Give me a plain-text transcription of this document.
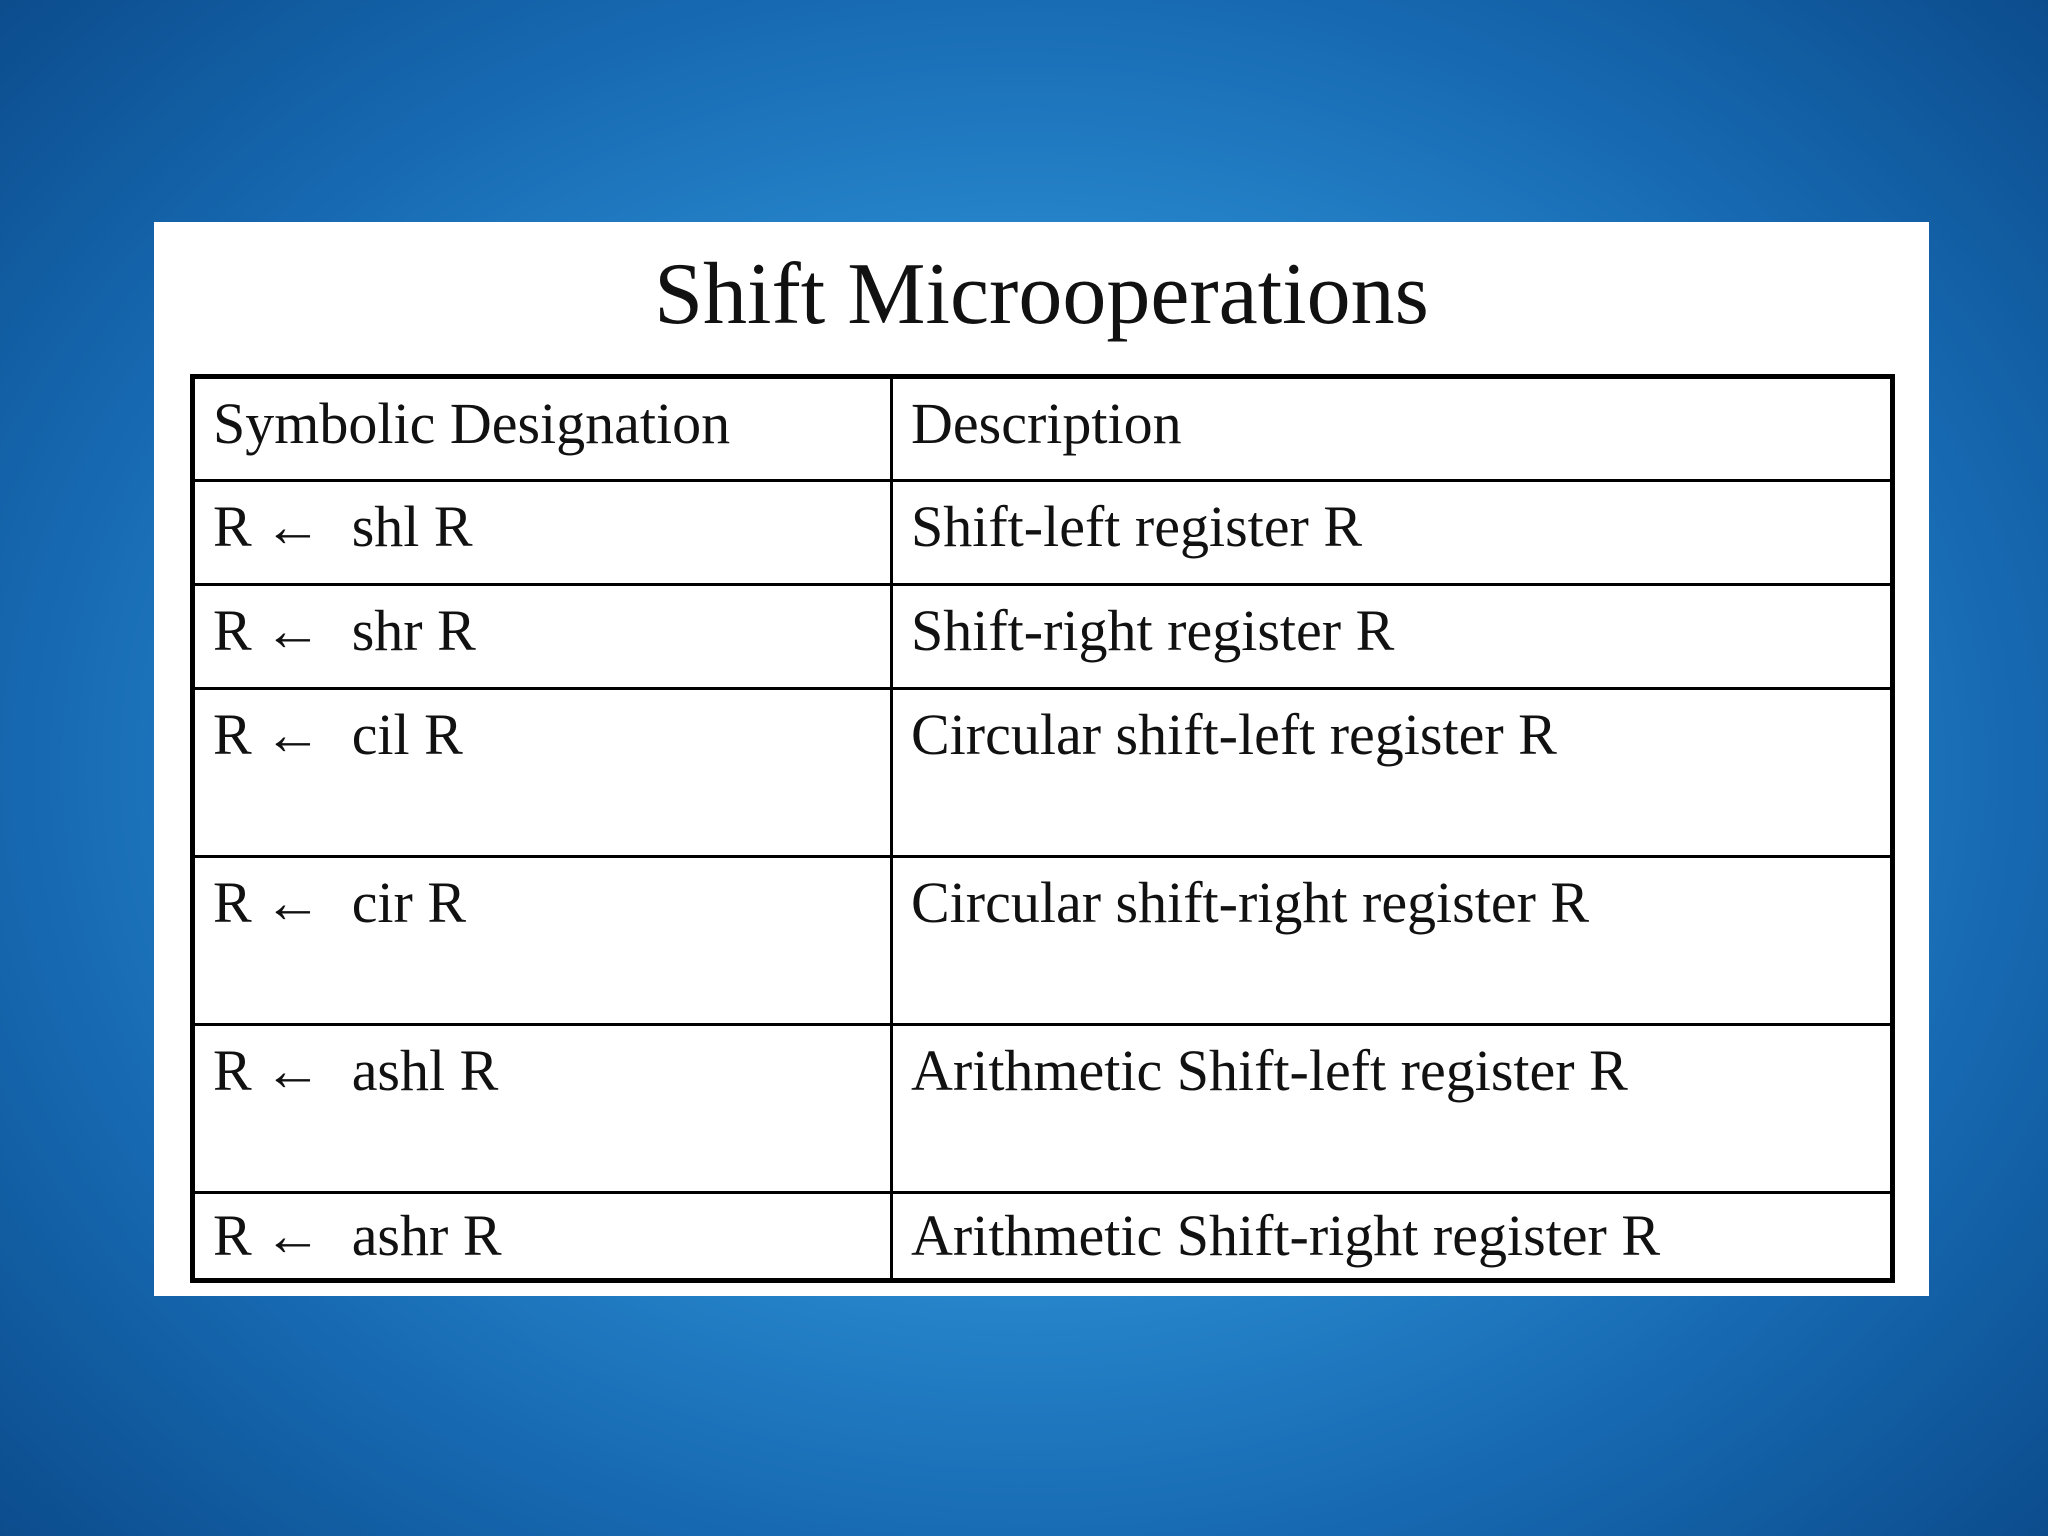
Shift Microoperations
Symbolic Designation	Description
R ← shl R	Shift-left register R
R ← shr R	Shift-right register R
R ← cil R	Circular shift-left register R
R ← cir R	Circular shift-right register R
R ← ashl R	Arithmetic Shift-left register R
R ← ashr R	Arithmetic Shift-right register R
